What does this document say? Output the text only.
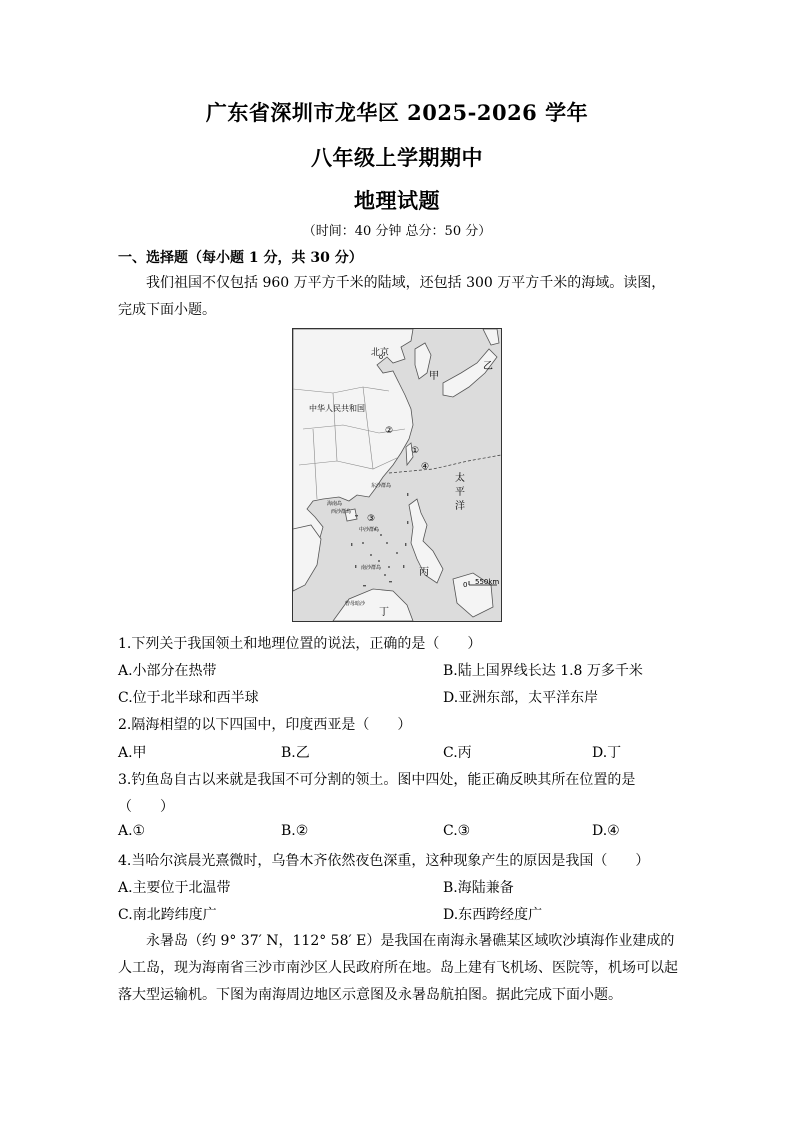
广东省深圳市龙华区 2025-2026 学年
八年级上学期期中
地理试题
（时间：40 分钟 总分：50 分）
一、选择题（每小题 1 分，共 30 分）
我们祖国不仅包括 960 万平方千米的陆域，还包括 300 万平方千米的海域。读图，完成下面小题。
北京
甲
乙
丙
丁
中华人民共和国
太
平
洋
①
②
③
④
550km
0
东沙群岛
西沙群岛
中沙群岛
南沙群岛
海南岛
曾母暗沙
1.下列关于我国领土和地理位置的说法，正确的是（　　）
A.小部分在热带	B.陆上国界线长达 1.8 万多千米
C.位于北半球和西半球	D.亚洲东部，太平洋东岸
2.隔海相望的以下四国中，印度西亚是（　　）
A.甲	B.乙	C.丙	D.丁
3.钓鱼岛自古以来就是我国不可分割的领土。图中四处，能正确反映其所在位置的是
（　　）
A.①	B.②	C.③	D.④
4.当哈尔滨晨光熹微时，乌鲁木齐依然夜色深重，这种现象产生的原因是我国（　　）
A.主要位于北温带	B.海陆兼备
C.南北跨纬度广	D.东西跨经度广
永暑岛（约 9° 37′ N，112° 58′ E）是我国在南海永暑礁某区域吹沙填海作业建成的人工岛，现为海南省三沙市南沙区人民政府所在地。岛上建有飞机场、医院等，机场可以起落大型运输机。下图为南海周边地区示意图及永暑岛航拍图。据此完成下面小题。
